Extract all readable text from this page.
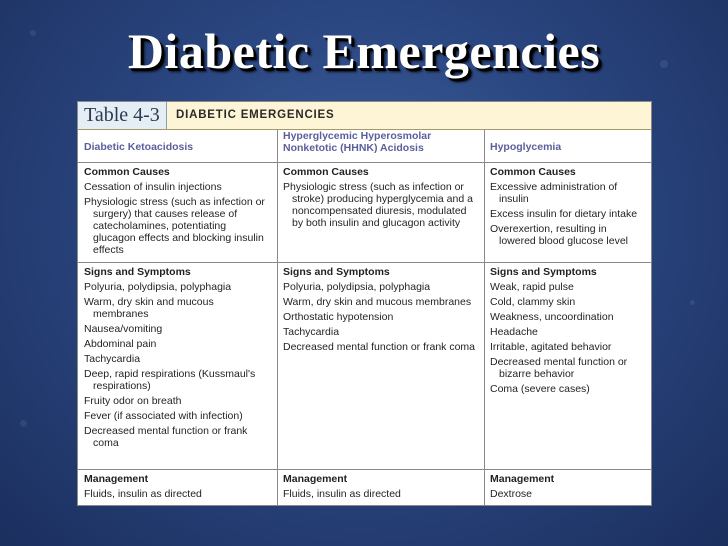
Diabetic Emergencies
Table 4-3	DIABETIC EMERGENCIES
Diabetic Ketoacidosis
Common Causes
Cessation of insulin injections
Physiologic stress (such as infection or surgery) that causes release of catecholamines, potentiating glucagon effects and blocking insulin effects
Signs and Symptoms
Polyuria, polydipsia, polyphagia
Warm, dry skin and mucous membranes
Nausea/vomiting
Abdominal pain
Tachycardia
Deep, rapid respirations (Kussmaul's respirations)
Fruity odor on breath
Fever (if associated with infection)
Decreased mental function or frank coma
Management
Fluids, insulin as directed
Hyperglycemic Hyperosmolar Nonketotic (HHNK) Acidosis
Common Causes
Physiologic stress (such as infection or stroke) producing hyperglycemia and a noncompensated diuresis, modulated by both insulin and glucagon activity
Signs and Symptoms
Polyuria, polydipsia, polyphagia
Warm, dry skin and mucous membranes
Orthostatic hypotension
Tachycardia
Decreased mental function or frank coma
Management
Fluids, insulin as directed
Hypoglycemia
Common Causes
Excessive administration of insulin
Excess insulin for dietary intake
Overexertion, resulting in lowered blood glucose level
Signs and Symptoms
Weak, rapid pulse
Cold, clammy skin
Weakness, uncoordination
Headache
Irritable, agitated behavior
Decreased mental function or bizarre behavior
Coma (severe cases)
Management
Dextrose
